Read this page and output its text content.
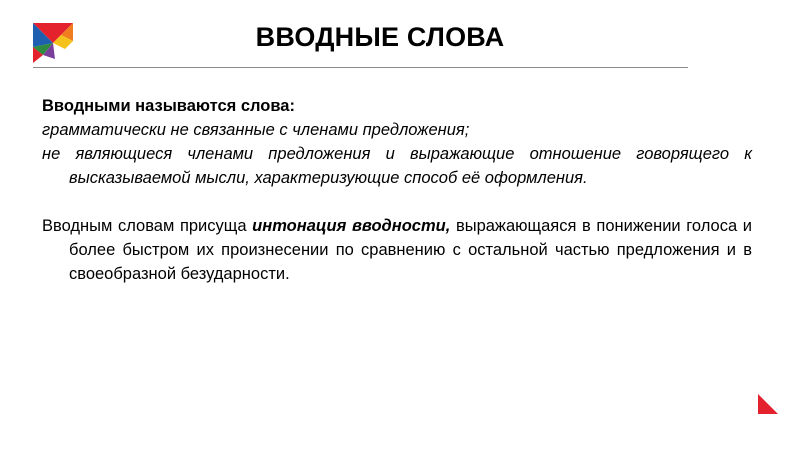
ВВОДНЫЕ СЛОВА

Вводными называются слова:

грамматически не связанные с членами предложения;

не являющиеся членами предложения и выражающие отношение говорящего к высказываемой мысли, характеризующие способ её оформления.

Вводным словам присуща интонация вводности, выражающаяся в понижении голоса и более быстром их произнесении по сравнению с остальной частью предложения и в своеобразной безударности.
